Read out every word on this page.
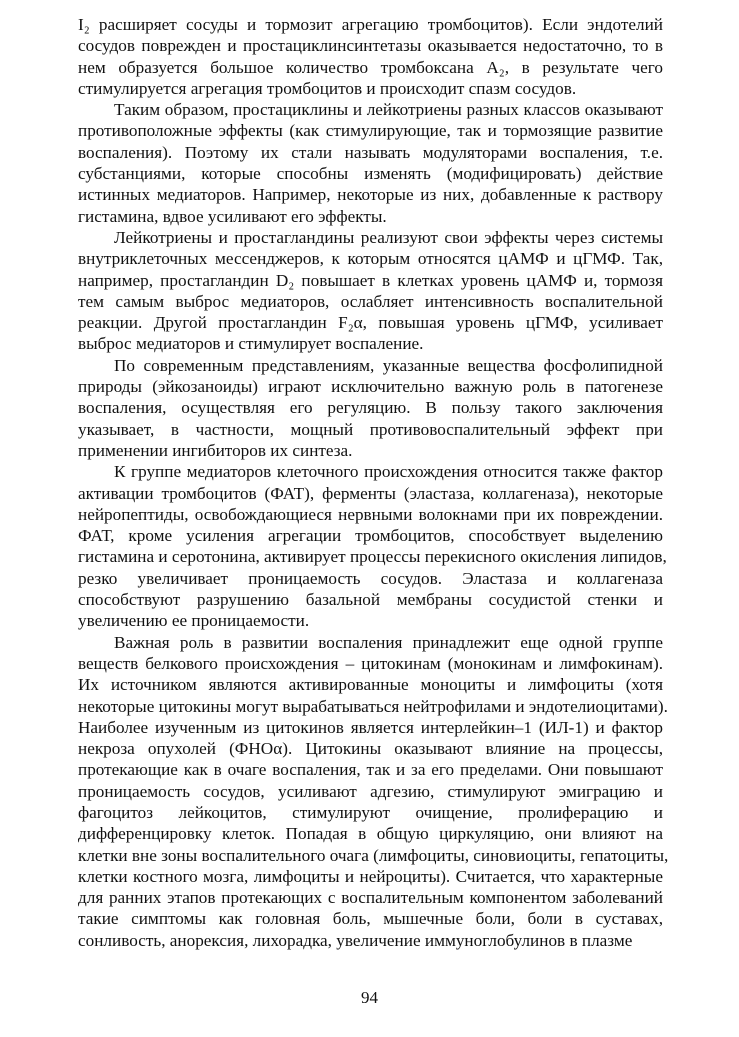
I₂ расширяет сосуды и тормозит агрегацию тромбоцитов). Если эндотелий
сосудов поврежден и простациклинсинтетазы оказывается недостаточно, то в
нем образуется большое количество тромбоксана A₂, в результате чего
стимулируется агрегация тромбоцитов и происходит спазм сосудов.

Таким образом, простациклины и лейкотриены разных классов оказывают
противоположные эффекты (как стимулирующие, так и тормозящие развитие
воспаления). Поэтому их стали называть модуляторами воспаления, т.е.
субстанциями, которые способны изменять (модифицировать) действие
истинных медиаторов. Например, некоторые из них, добавленные к раствору
гистамина, вдвое усиливают его эффекты.

Лейкотриены и простагландины реализуют свои эффекты через системы
внутриклеточных мессенджеров, к которым относятся цАМФ и цГМФ. Так,
например, простагландин D₂ повышает в клетках уровень цАМФ и, тормозя
тем самым выброс медиаторов, ослабляет интенсивность воспалительной
реакции. Другой простагландин F₂α, повышая уровень цГМФ, усиливает
выброс медиаторов и стимулирует воспаление.

По современным представлениям, указанные вещества фосфолипидной
природы (эйкозаноиды) играют исключительно важную роль в патогенезе
воспаления, осуществляя его регуляцию. В пользу такого заключения
указывает, в частности, мощный противовоспалительный эффект при
применении ингибиторов их синтеза.

К группе медиаторов клеточного происхождения относится также фактор
активации тромбоцитов (ФАТ), ферменты (эластаза, коллагеназа), некоторые
нейропептиды, освобождающиеся нервными волокнами при их повреждении.
ФАТ, кроме усиления агрегации тромбоцитов, способствует выделению
гистамина и серотонина, активирует процессы перекисного окисления липидов,
резко увеличивает проницаемость сосудов. Эластаза и коллагеназа
способствуют разрушению базальной мембраны сосудистой стенки и
увеличению ее проницаемости.

Важная роль в развитии воспаления принадлежит еще одной группе
веществ белкового происхождения – цитокинам (монокинам и лимфокинам).
Их источником являются активированные моноциты и лимфоциты (хотя
некоторые цитокины могут вырабатываться нейтрофилами и эндотелиоцитами).
Наиболее изученным из цитокинов является интерлейкин–1 (ИЛ-1) и фактор
некроза опухолей (ФНОα). Цитокины оказывают влияние на процессы,
протекающие как в очаге воспаления, так и за его пределами. Они повышают
проницаемость сосудов, усиливают адгезию, стимулируют эмиграцию и
фагоцитоз лейкоцитов, стимулируют очищение, пролиферацию и
дифференцировку клеток. Попадая в общую циркуляцию, они влияют на
клетки вне зоны воспалительного очага (лимфоциты, синовиоциты, гепатоциты,
клетки костного мозга, лимфоциты и нейроциты). Считается, что характерные
для ранних этапов протекающих с воспалительным компонентом заболеваний
такие симптомы как головная боль, мышечные боли, боли в суставах,
сонливость, анорексия, лихорадка, увеличение иммуноглобулинов в плазме

94
